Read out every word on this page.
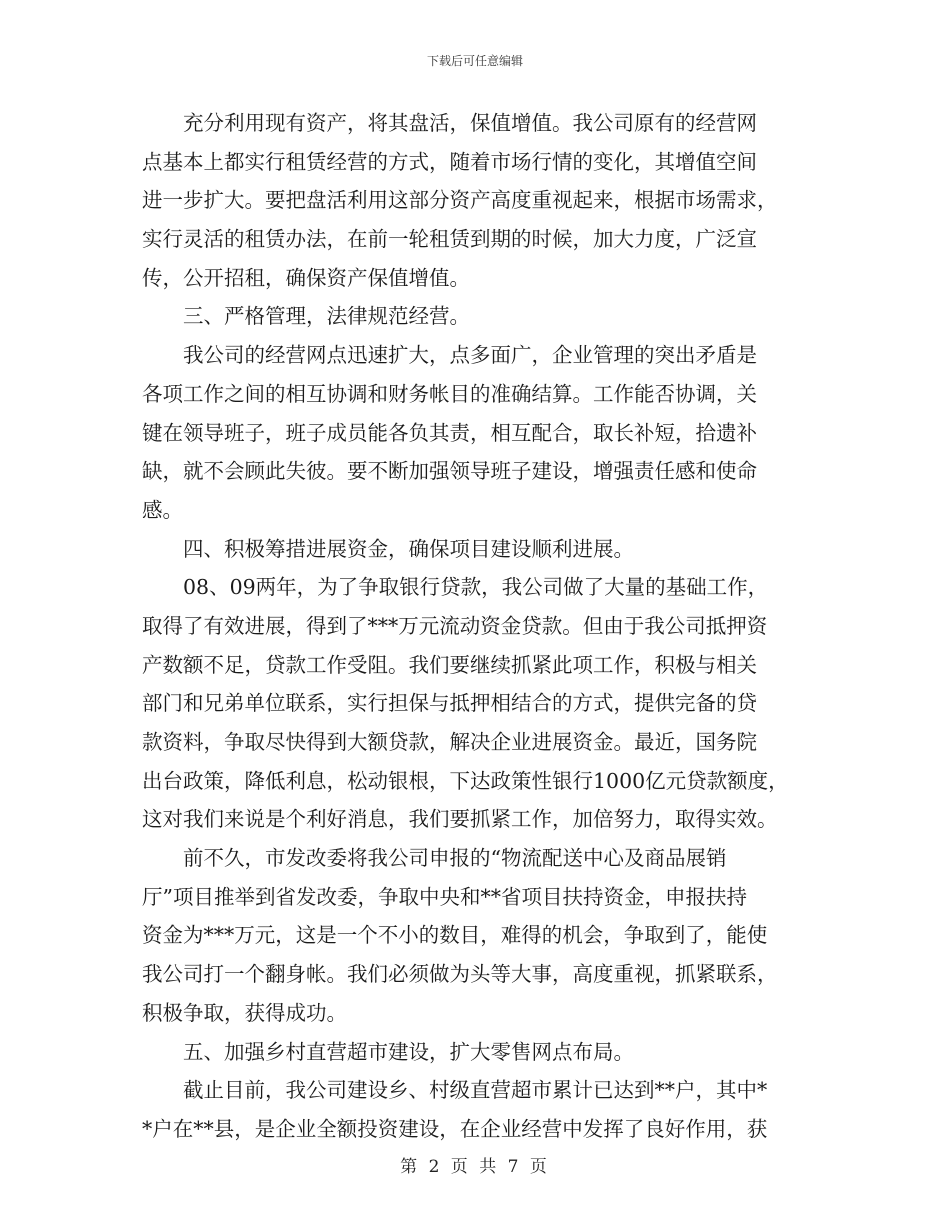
下载后可任意编辑
　　充分利用现有资产，将其盘活，保值增值。我公司原有的经营网
点基本上都实行租赁经营的方式，随着市场行情的变化，其增值空间
进一步扩大。要把盘活利用这部分资产高度重视起来，根据市场需求，
实行灵活的租赁办法，在前一轮租赁到期的时候，加大力度，广泛宣
传，公开招租，确保资产保值增值。
　　三、严格管理，法律规范经营。
　　我公司的经营网点迅速扩大，点多面广，企业管理的突出矛盾是
各项工作之间的相互协调和财务帐目的准确结算。工作能否协调，关
键在领导班子，班子成员能各负其责，相互配合，取长补短，拾遗补
缺，就不会顾此失彼。要不断加强领导班子建设，增强责任感和使命
感。
　　四、积极筹措进展资金，确保项目建设顺利进展。
　　08、09两年，为了争取银行贷款，我公司做了大量的基础工作，
取得了有效进展，得到了***万元流动资金贷款。但由于我公司抵押资
产数额不足，贷款工作受阻。我们要继续抓紧此项工作，积极与相关
部门和兄弟单位联系，实行担保与抵押相结合的方式，提供完备的贷
款资料，争取尽快得到大额贷款，解决企业进展资金。最近，国务院
出台政策，降低利息，松动银根，下达政策性银行1000亿元贷款额度，
这对我们来说是个利好消息，我们要抓紧工作，加倍努力，取得实效。
　　前不久，市发改委将我公司申报的“物流配送中心及商品展销
厅”项目推举到省发改委，争取中央和**省项目扶持资金，申报扶持
资金为***万元，这是一个不小的数目，难得的机会，争取到了，能使
我公司打一个翻身帐。我们必须做为头等大事，高度重视，抓紧联系，
积极争取，获得成功。
　　五、加强乡村直营超市建设，扩大零售网点布局。
　　截止目前，我公司建设乡、村级直营超市累计已达到**户，其中*
*户在**县，是企业全额投资建设，在企业经营中发挥了良好作用，获
第 2 页 共 7 页
